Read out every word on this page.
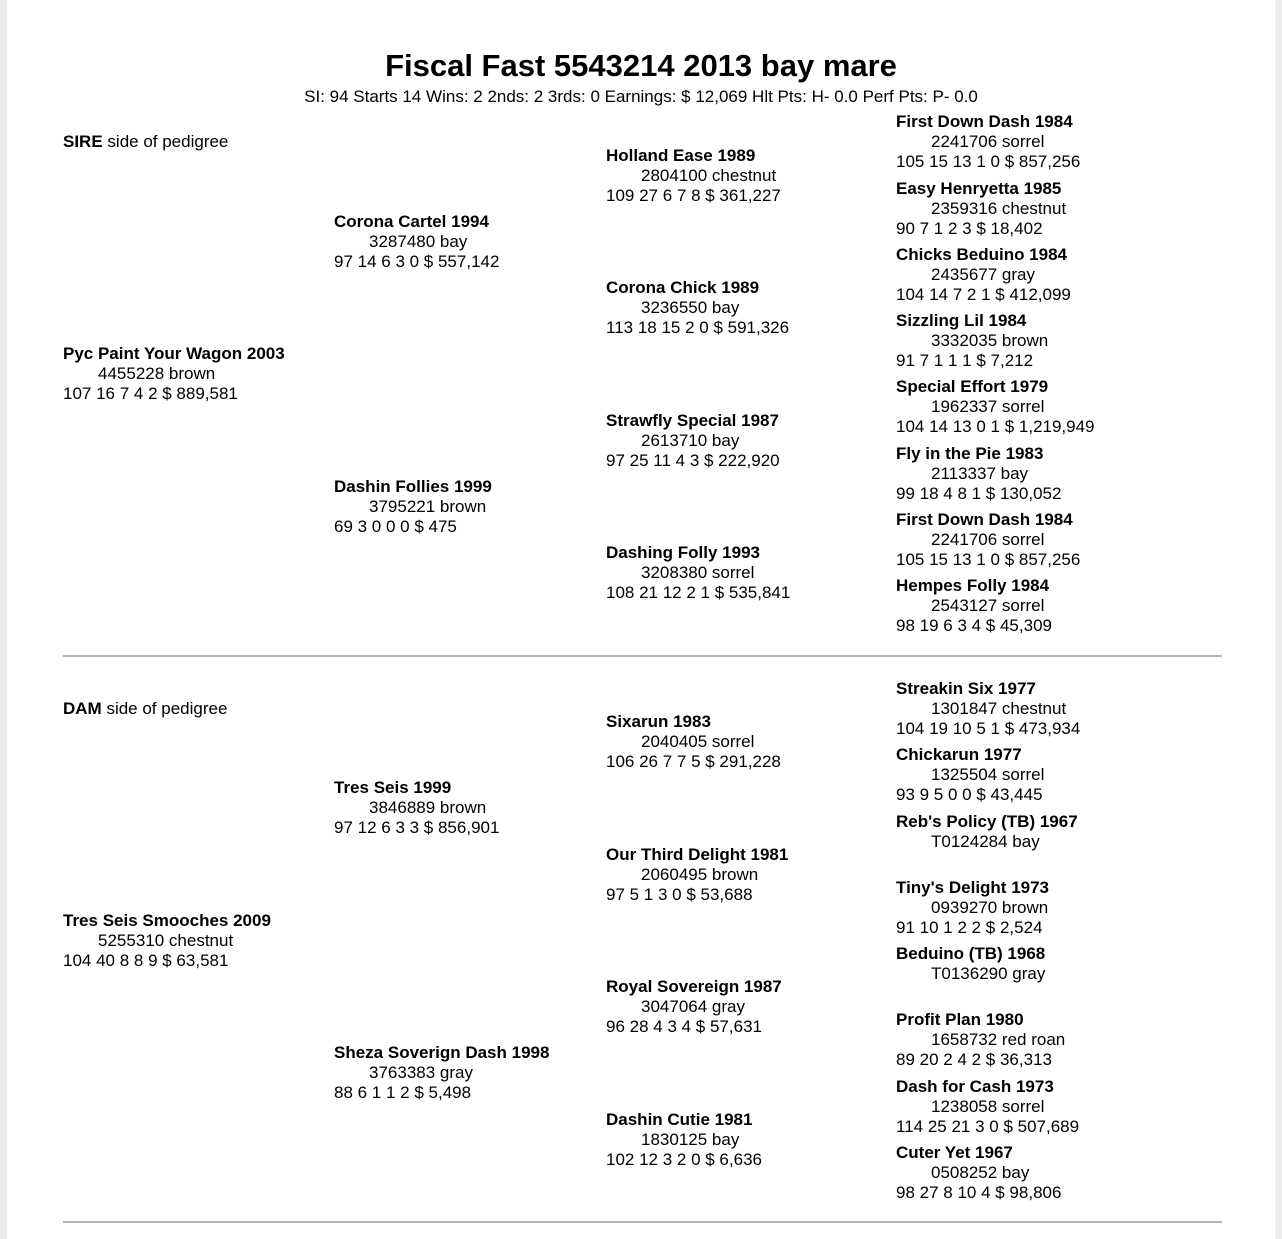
Fiscal Fast 5543214 2013 bay mare
SI: 94 Starts 14 Wins: 2 2nds: 2 3rds: 0 Earnings: $ 12,069 Hlt Pts: H- 0.0 Perf Pts: P- 0.0
SIRE side of pedigree
Pyc Paint Your Wagon 2003
4455228 brown
107 16 7 4 2 $ 889,581
Corona Cartel 1994
3287480 bay
97 14 6 3 0 $ 557,142
Dashin Follies 1999
3795221 brown
69 3 0 0 0 $ 475
Holland Ease 1989
2804100 chestnut
109 27 6 7 8 $ 361,227
Corona Chick 1989
3236550 bay
113 18 15 2 0 $ 591,326
Strawfly Special 1987
2613710 bay
97 25 11 4 3 $ 222,920
Dashing Folly 1993
3208380 sorrel
108 21 12 2 1 $ 535,841
First Down Dash 1984
2241706 sorrel
105 15 13 1 0 $ 857,256
Easy Henryetta 1985
2359316 chestnut
90 7 1 2 3 $ 18,402
Chicks Beduino 1984
2435677 gray
104 14 7 2 1 $ 412,099
Sizzling Lil 1984
3332035 brown
91 7 1 1 1 $ 7,212
Special Effort 1979
1962337 sorrel
104 14 13 0 1 $ 1,219,949
Fly in the Pie 1983
2113337 bay
99 18 4 8 1 $ 130,052
First Down Dash 1984
2241706 sorrel
105 15 13 1 0 $ 857,256
Hempes Folly 1984
2543127 sorrel
98 19 6 3 4 $ 45,309
DAM side of pedigree
Tres Seis Smooches 2009
5255310 chestnut
104 40 8 8 9 $ 63,581
Tres Seis 1999
3846889 brown
97 12 6 3 3 $ 856,901
Sheza Soverign Dash 1998
3763383 gray
88 6 1 1 2 $ 5,498
Sixarun 1983
2040405 sorrel
106 26 7 7 5 $ 291,228
Our Third Delight 1981
2060495 brown
97 5 1 3 0 $ 53,688
Royal Sovereign 1987
3047064 gray
96 28 4 3 4 $ 57,631
Dashin Cutie 1981
1830125 bay
102 12 3 2 0 $ 6,636
Streakin Six 1977
1301847 chestnut
104 19 10 5 1 $ 473,934
Chickarun 1977
1325504 sorrel
93 9 5 0 0 $ 43,445
Reb's Policy (TB) 1967
T0124284 bay
Tiny's Delight 1973
0939270 brown
91 10 1 2 2 $ 2,524
Beduino (TB) 1968
T0136290 gray
Profit Plan 1980
1658732 red roan
89 20 2 4 2 $ 36,313
Dash for Cash 1973
1238058 sorrel
114 25 21 3 0 $ 507,689
Cuter Yet 1967
0508252 bay
98 27 8 10 4 $ 98,806
